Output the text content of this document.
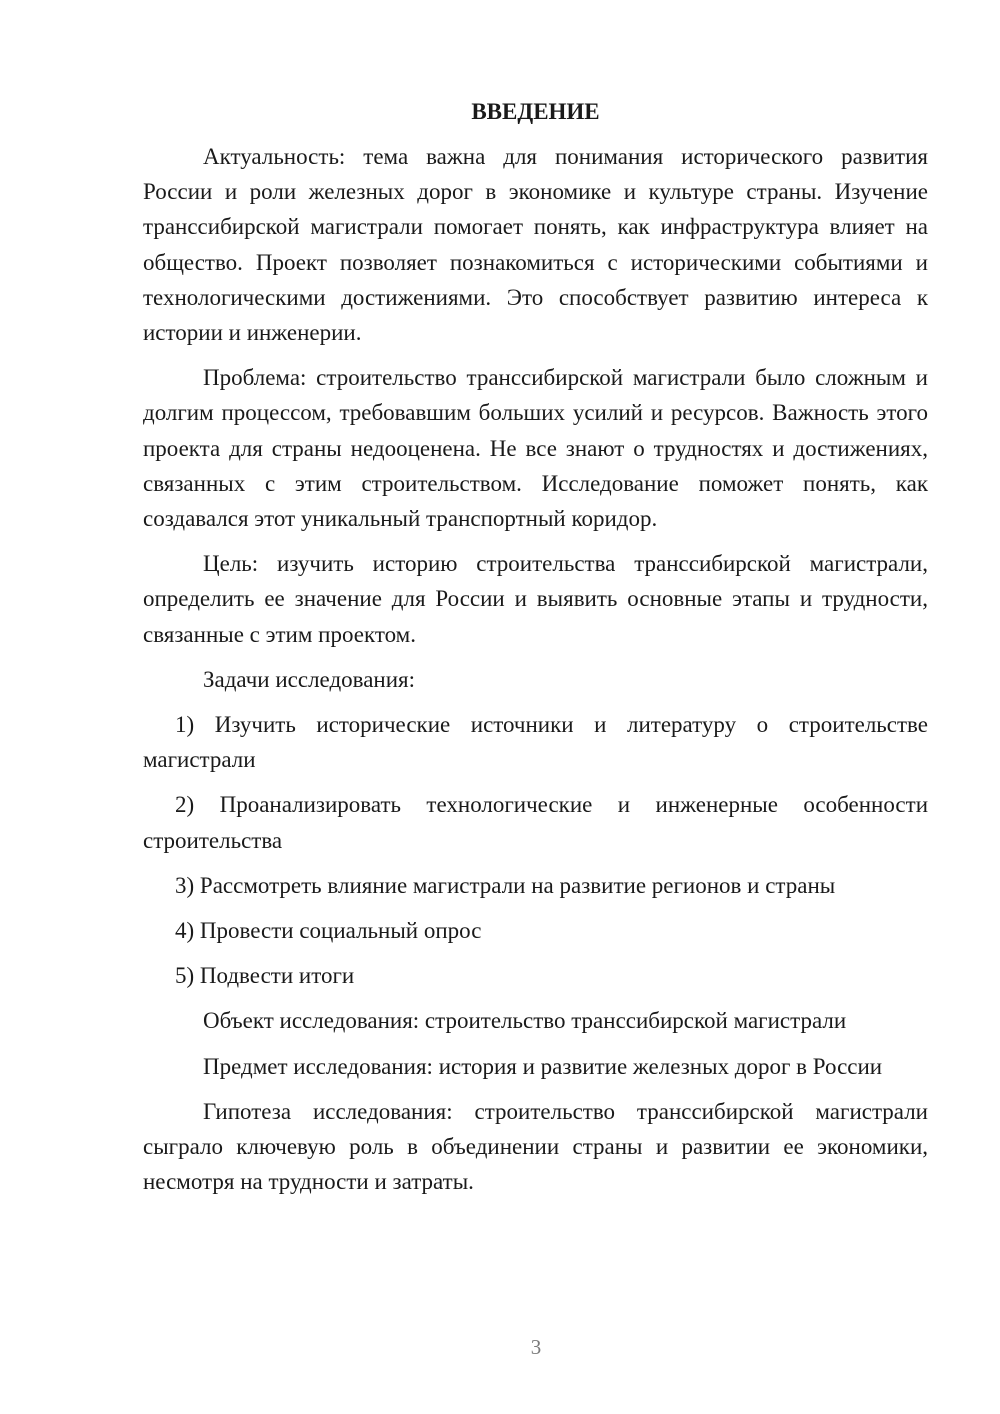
ВВЕДЕНИЕ

Актуальность: тема важна для понимания исторического развития России и роли железных дорог в экономике и культуре страны. Изучение транссибирской магистрали помогает понять, как инфраструктура влияет на общество. Проект позволяет познакомиться с историческими событиями и технологическими достижениями. Это способствует развитию интереса к истории и инженерии.

Проблема: строительство транссибирской магистрали было сложным и долгим процессом, требовавшим больших усилий и ресурсов. Важность этого проекта для страны недооценена. Не все знают о трудностях и достижениях, связанных с этим строительством. Исследование поможет понять, как создавался этот уникальный транспортный коридор.

Цель: изучить историю строительства транссибирской магистрали, определить ее значение для России и выявить основные этапы и трудности, связанные с этим проектом.

Задачи исследования:

1) Изучить исторические источники и литературу о строительстве магистрали

2) Проанализировать технологические и инженерные особенности строительства

3) Рассмотреть влияние магистрали на развитие регионов и страны

4) Провести социальный опрос

5) Подвести итоги

Объект исследования: строительство транссибирской магистрали

Предмет исследования: история и развитие железных дорог в России

Гипотеза исследования: строительство транссибирской магистрали сыграло ключевую роль в объединении страны и развитии ее экономики, несмотря на трудности и затраты.

3
